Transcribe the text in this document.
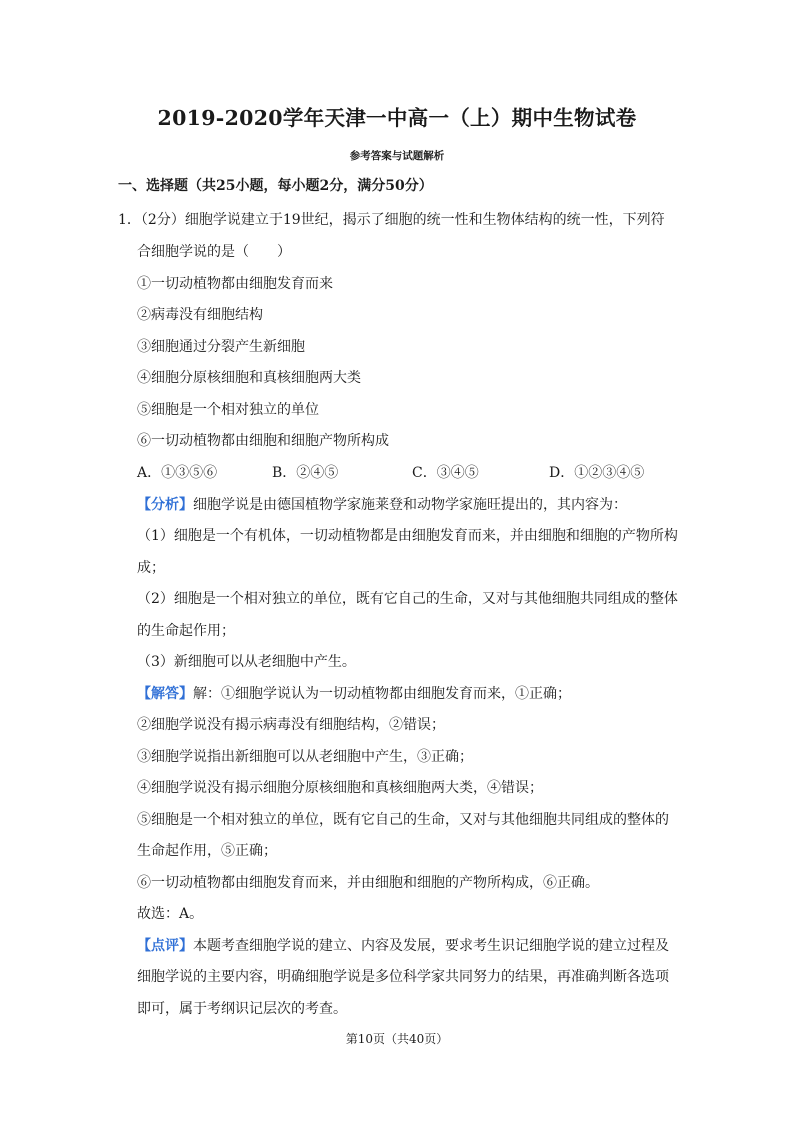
2019-2020学年天津一中高一（上）期中生物试卷
参考答案与试题解析
一、选择题（共25小题，每小题2分，满分50分）
1．（2分）细胞学说建立于19世纪，揭示了细胞的统一性和生物体结构的统一性，下列符
合细胞学说的是（　　）
①一切动植物都由细胞发育而来
②病毒没有细胞结构
③细胞通过分裂产生新细胞
④细胞分原核细胞和真核细胞两大类
⑤细胞是一个相对独立的单位
⑥一切动植物都由细胞和细胞产物所构成
A．①③⑤⑥	B．②④⑤	C．③④⑤	D．①②③④⑤
【分析】细胞学说是由德国植物学家施莱登和动物学家施旺提出的，其内容为：
（1）细胞是一个有机体，一切动植物都是由细胞发育而来，并由细胞和细胞的产物所构
成；
（2）细胞是一个相对独立的单位，既有它自己的生命，又对与其他细胞共同组成的整体
的生命起作用；
（3）新细胞可以从老细胞中产生。
【解答】解：①细胞学说认为一切动植物都由细胞发育而来，①正确；
②细胞学说没有揭示病毒没有细胞结构，②错误；
③细胞学说指出新细胞可以从老细胞中产生，③正确；
④细胞学说没有揭示细胞分原核细胞和真核细胞两大类，④错误；
⑤细胞是一个相对独立的单位，既有它自己的生命，又对与其他细胞共同组成的整体的
生命起作用，⑤正确；
⑥一切动植物都由细胞发育而来，并由细胞和细胞的产物所构成，⑥正确。
故选：A。
【点评】本题考查细胞学说的建立、内容及发展，要求考生识记细胞学说的建立过程及
细胞学说的主要内容，明确细胞学说是多位科学家共同努力的结果，再准确判断各选项
即可，属于考纲识记层次的考查。
第10页（共40页）
